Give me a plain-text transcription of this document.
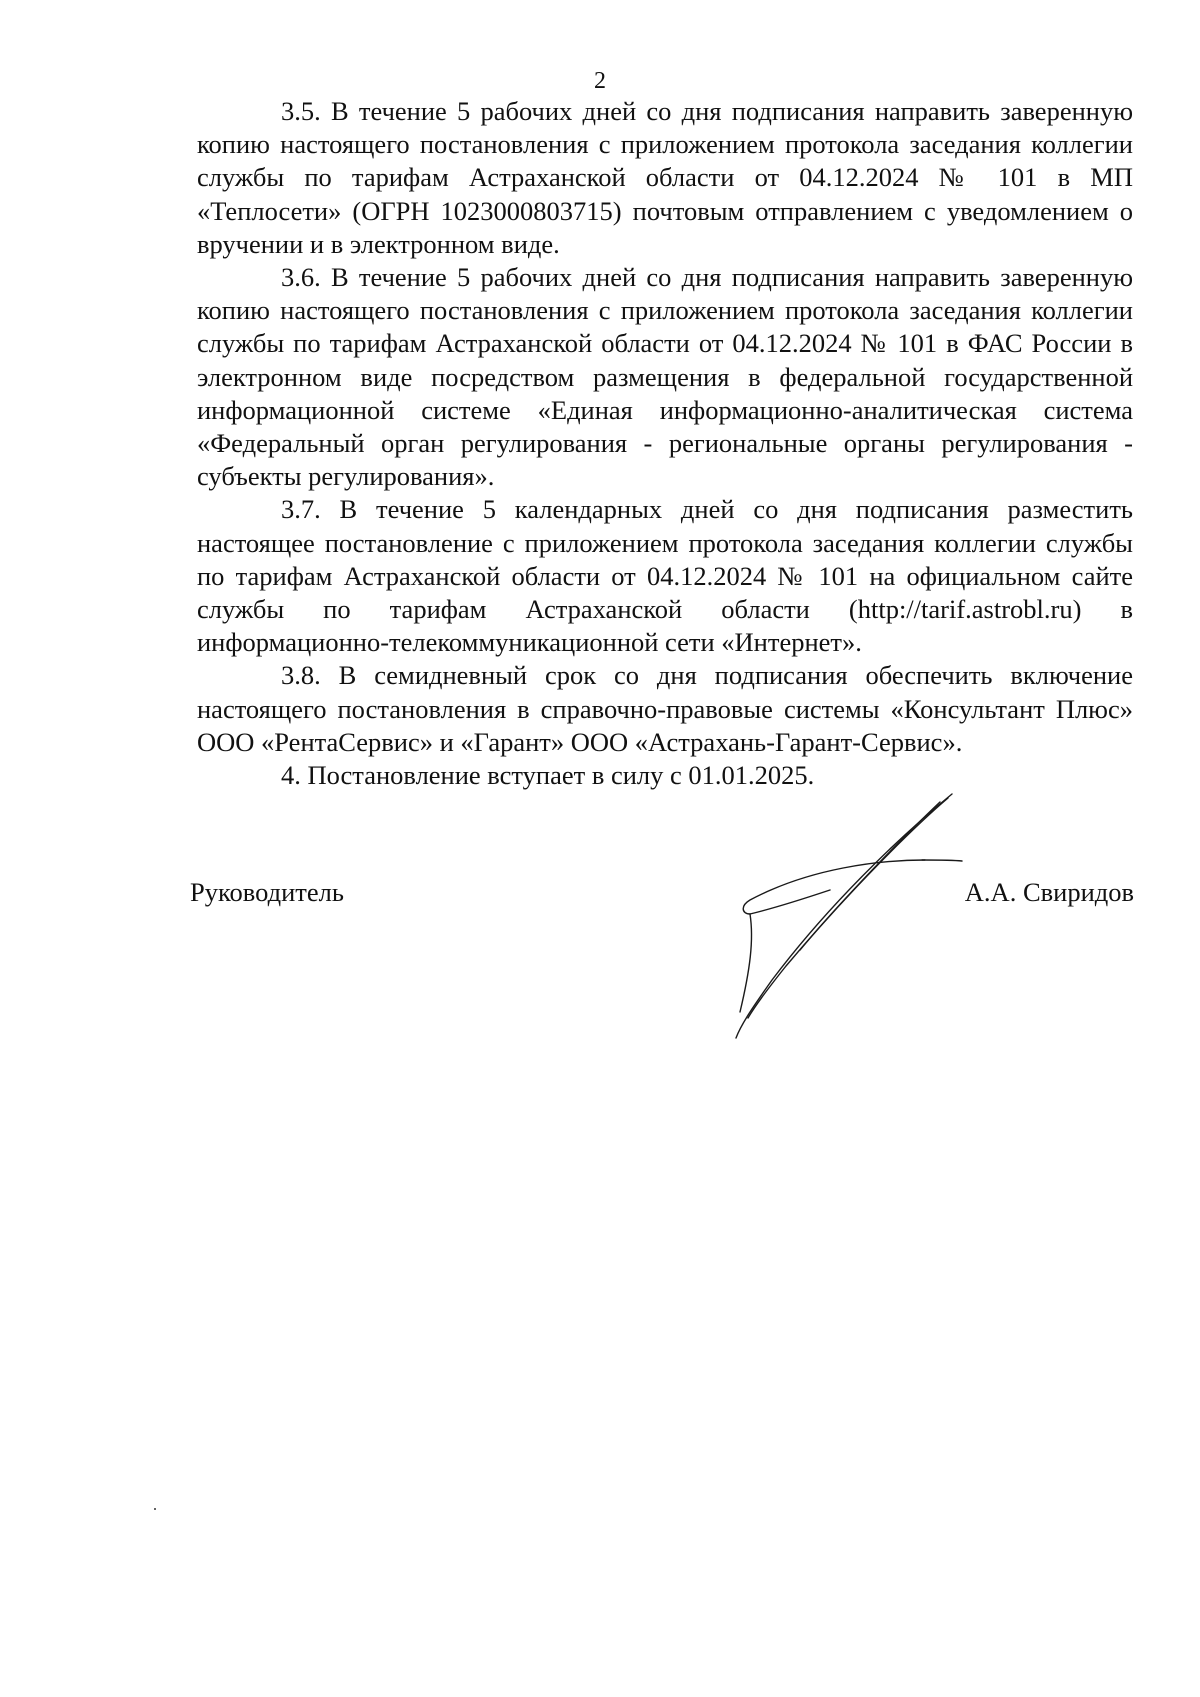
2

3.5. В течение 5 рабочих дней со дня подписания направить заверенную копию настоящего постановления с приложением протокола заседания коллегии службы по тарифам Астраханской области от 04.12.2024 № 101 в МП «Теплосети» (ОГРН 1023000803715) почтовым отправлением с уведомлением о вручении и в электронном виде.

3.6. В течение 5 рабочих дней со дня подписания направить заверенную копию настоящего постановления с приложением протокола заседания коллегии службы по тарифам Астраханской области от 04.12.2024 № 101 в ФАС России в электронном виде посредством размещения в федеральной государственной информационной системе «Единая информационно-аналитическая система «Федеральный орган регулирования - региональные органы регулирования - субъекты регулирования».

3.7. В течение 5 календарных дней со дня подписания разместить настоящее постановление с приложением протокола заседания коллегии службы по тарифам Астраханской области от 04.12.2024 № 101 на официальном сайте службы по тарифам Астраханской области (http://tarif.astrobl.ru) в информационно-телекоммуникационной сети «Интернет».

3.8. В семидневный срок со дня подписания обеспечить включение настоящего постановления в справочно-правовые системы «Консультант Плюс» ООО «РентаСервис» и «Гарант» ООО «Астрахань-Гарант-Сервис».

4. Постановление вступает в силу с 01.01.2025.

Руководитель	А.А. Свиридов
